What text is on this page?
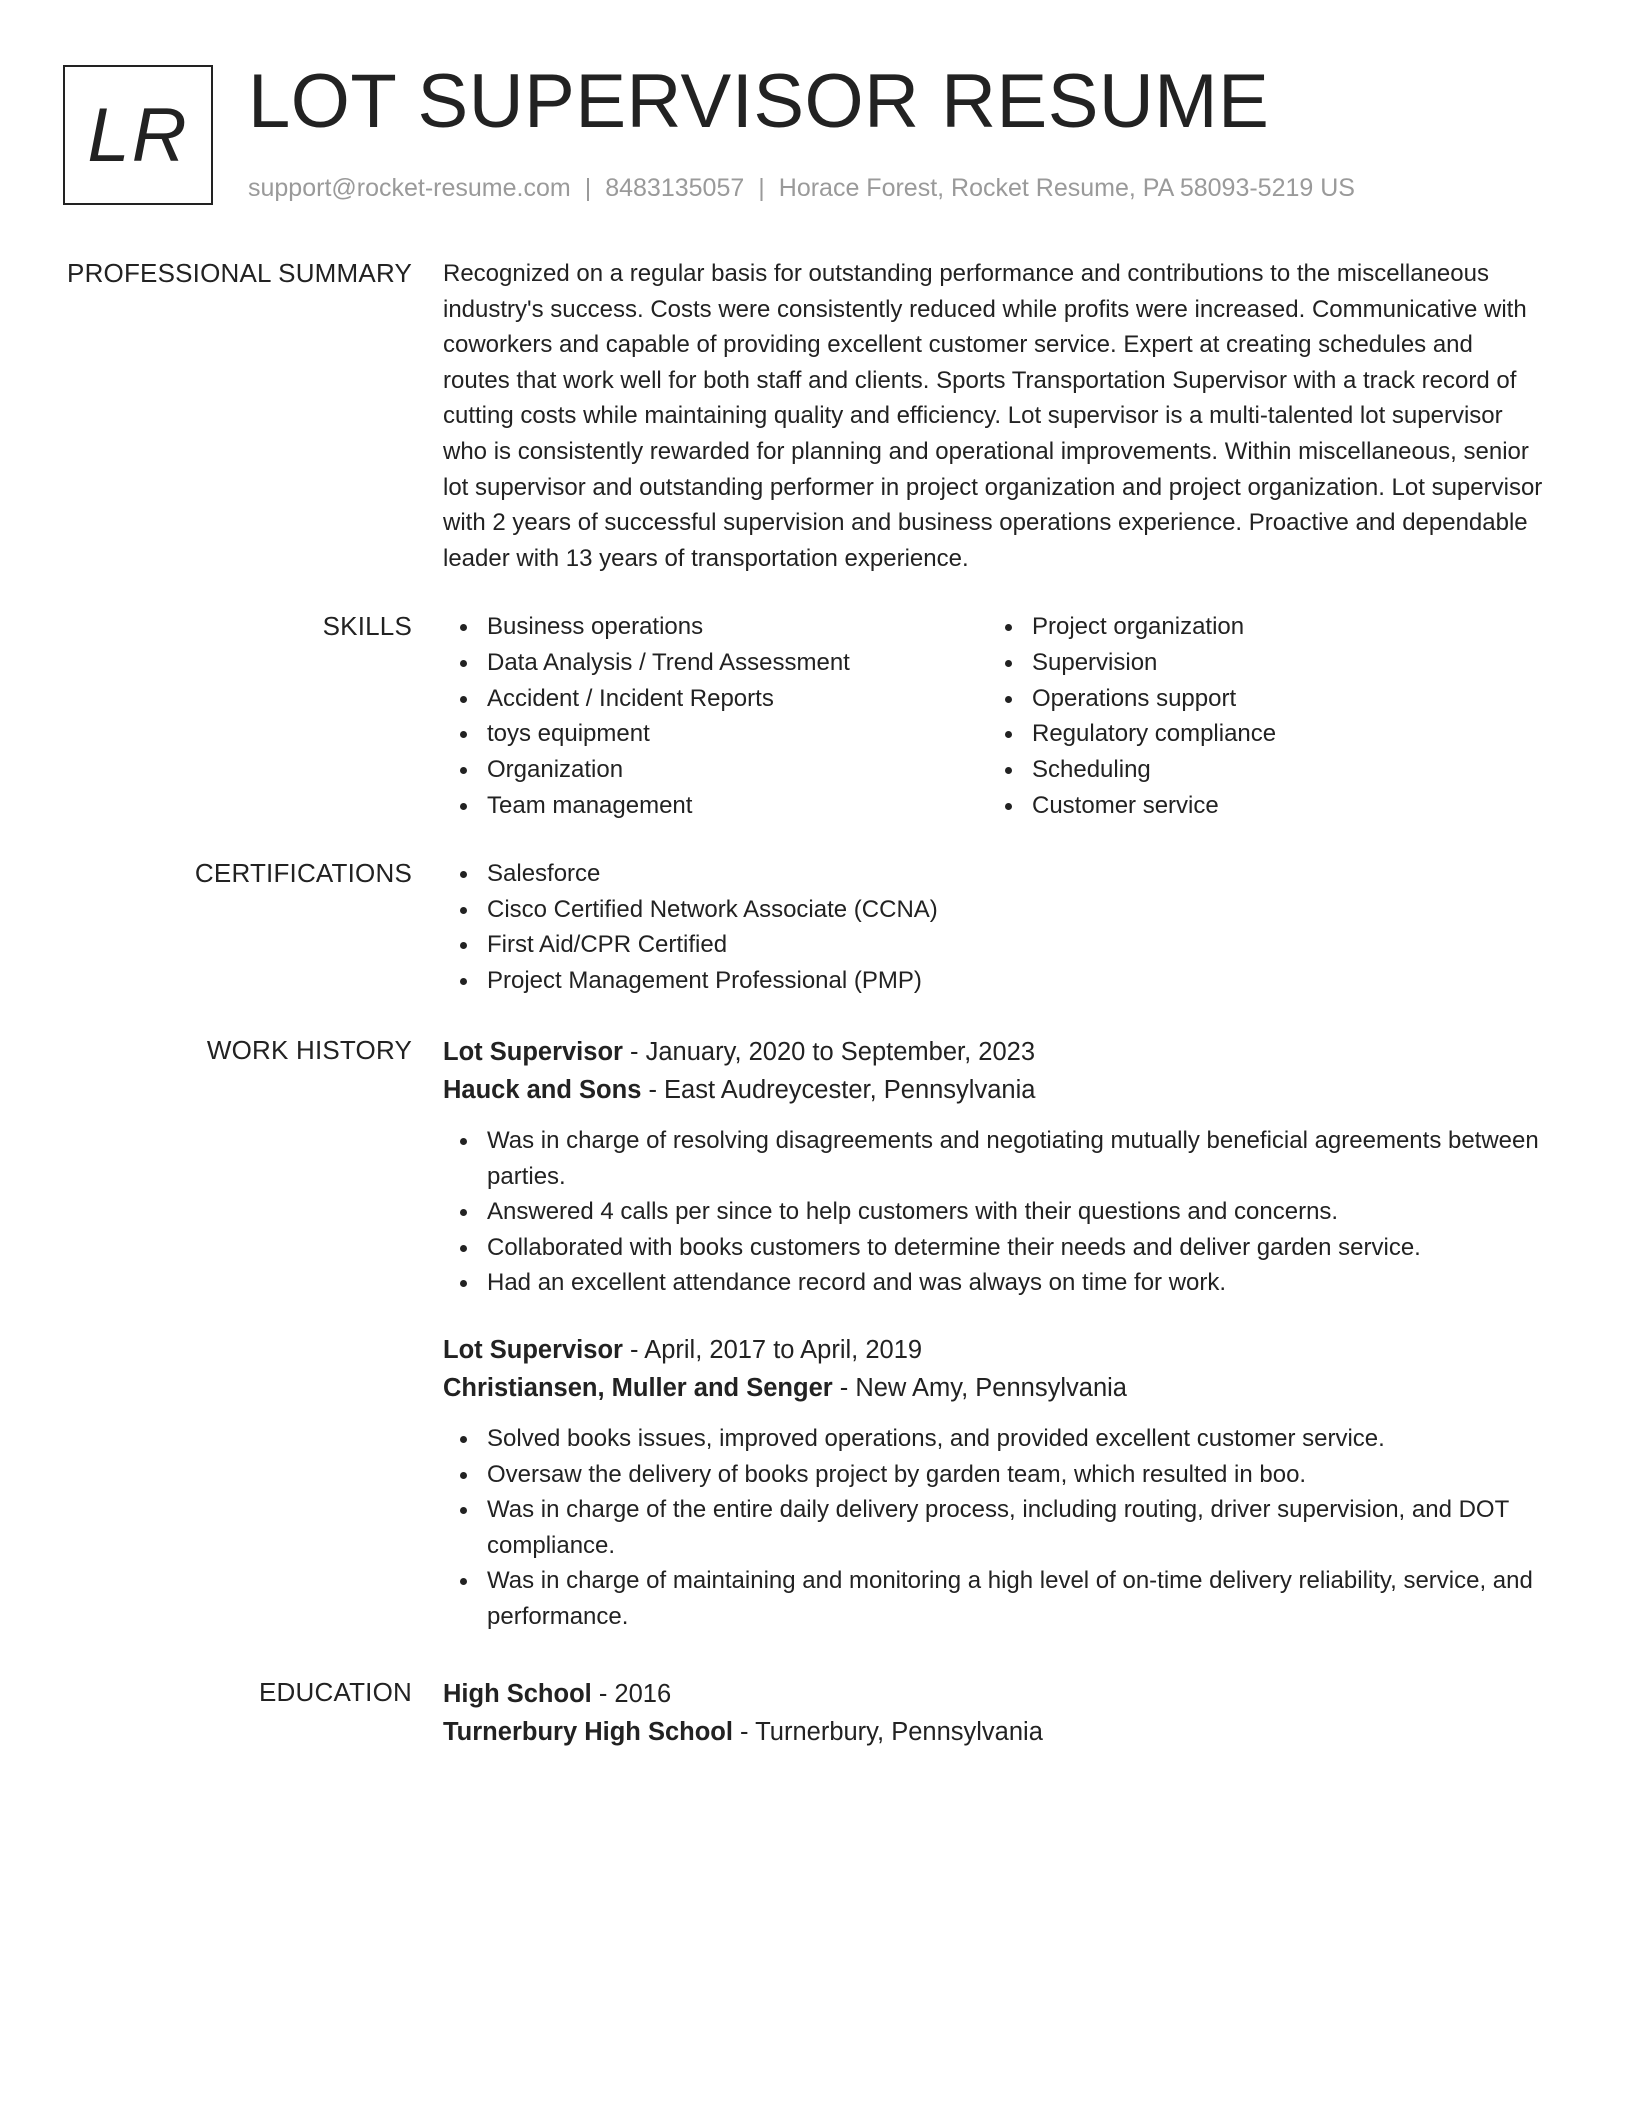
LR LOT SUPERVISOR RESUME
support@rocket-resume.com | 8483135057 | Horace Forest, Rocket Resume, PA 58093-5219 US
PROFESSIONAL SUMMARY Recognized on a regular basis for outstanding performance and contributions to the miscellaneous industry's success. Costs were consistently reduced while profits were increased. Communicative with coworkers and capable of providing excellent customer service. Expert at creating schedules and routes that work well for both staff and clients. Sports Transportation Supervisor with a track record of cutting costs while maintaining quality and efficiency. Lot supervisor is a multi-talented lot supervisor who is consistently rewarded for planning and operational improvements. Within miscellaneous, senior lot supervisor and outstanding performer in project organization and project organization. Lot supervisor with 2 years of successful supervision and business operations experience. Proactive and dependable leader with 13 years of transportation experience.

SKILLS	Business operations
Data Analysis / Trend Assessment
Accident / Incident Reports
toys equipment
Organization
Team management
Project organization
Supervision
Operations support
Regulatory compliance
Scheduling
Customer service
CERTIFICATIONS	Salesforce
Cisco Certified Network Associate (CCNA)
First Aid/CPR Certified
Project Management Professional (PMP)
WORK HISTORY Lot Supervisor - January, 2020 to September, 2023
Hauck and Sons - East Audreycester, Pennsylvania
Was in charge of resolving disagreements and negotiating mutually beneficial agreements between parties.
Answered 4 calls per since to help customers with their questions and concerns.
Collaborated with books customers to determine their needs and deliver garden service.
Had an excellent attendance record and was always on time for work.
Lot Supervisor - April, 2017 to April, 2019
Christiansen, Muller and Senger - New Amy, Pennsylvania
Solved books issues, improved operations, and provided excellent customer service.
Oversaw the delivery of books project by garden team, which resulted in boo.
Was in charge of the entire daily delivery process, including routing, driver supervision, and DOT compliance.
Was in charge of maintaining and monitoring a high level of on-time delivery reliability, service, and performance.
EDUCATION High School - 2016
Turnerbury High School - Turnerbury, Pennsylvania
